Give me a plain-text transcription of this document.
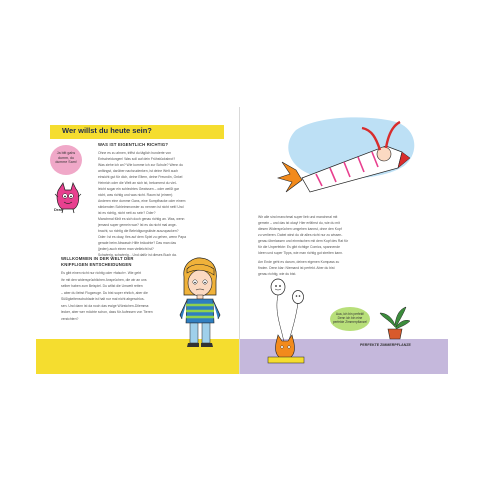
Wer willst du heute sein?
Ja bitt gahs
dumm, du
dumme Sam!
Drafi
WAS IST EIGENTLICH RICHTIG?
Ohne es zu ahnen, triffst du täglich hunderte von
Entscheidungen! Was soll auf dein Frühstücksbrot?
Was ziehe ich an? Wie komme ich zur Schule? Wenn du
anfängst, darüber nachzudenken, ist deine Welt auch
einsicht gut für dich, deine Eltern, deine Freundin, Onkel
Heinrich oder die Welt an sich ist, bekommst du viel-
leicht sogar ein schlechtes Gewissen – oder weißt gar
nicht, was richtig und was nicht. Raum ist (einem)
Anderen eine dumme Gans, eine Sumpfbacke oder einem
stinkenden Schleimmonster zu nennen ist nicht nett! Und
ist es richtig, nicht nett zu sein? Oder?
Manchmal fühlt es sich doch genau richtig an. Was, wenn
jemand super gemein war? Ist es da nicht mal ange-
bracht, so richtig die Beleidigungskiste auszupacken?
Oder: Ist es okay, fies auf dem Spiel zu gehen, wenn Papa
gerade beim Abwasch Hilfe bräuchte? Das man das
(jeden) auch einen man vielleicht ist?
Schwierig, schwierig... Und dafür ist dieses Buch da.
WILLKOMMEN IN DER WELT DER
KNIFFLIGEN ENTSCHEIDUNGEN
Es gibt einen nicht nur richtig oder »falsch«. Wie geht
ihr mit den widersprüchlichen Ansprüchen, die wir an uns
selber haben zum Beispiel. Du willst die Umwelt retten
– aber du liebst Flugzeuge. Du bist super ehrlich, aber die
Süßigkeitenschublade ist halt nur mal nicht abgeschlos-
sen. Und dann ist da noch das ewige Würstchen-Dilemma:
lecker, aber wer möchte schon, dass für Aufessen von Tieren
verzichten?
Wir alle sind manchmal super lieb und manchmal mit
gemein – und das ist okay! Hier erfährst du, wie du mit
diesen Widersprüchen umgehen kannst, ohne den Kopf
zu verlieren. Dabei wirst du dir alles nicht nur zu wissen-
genau überlassen und einmischen mit dem Kopf des Rat für
für die Unperfekte: Es gibt richtige Comics, spannende
Ideen und super Tipps, wie man richtig gut streiten kann.
Am Ende geht es darum, deinen eigenen Kompass zu
finden. Denn klar: Niemand ist perfekt. Aber du bist
genau richtig, wie du bist.
Aua, ich bin perfekt!
Denn ich bin eine
perfekte Zimmerpflanze!
PERFEKTE ZIMMERPFLANZE
